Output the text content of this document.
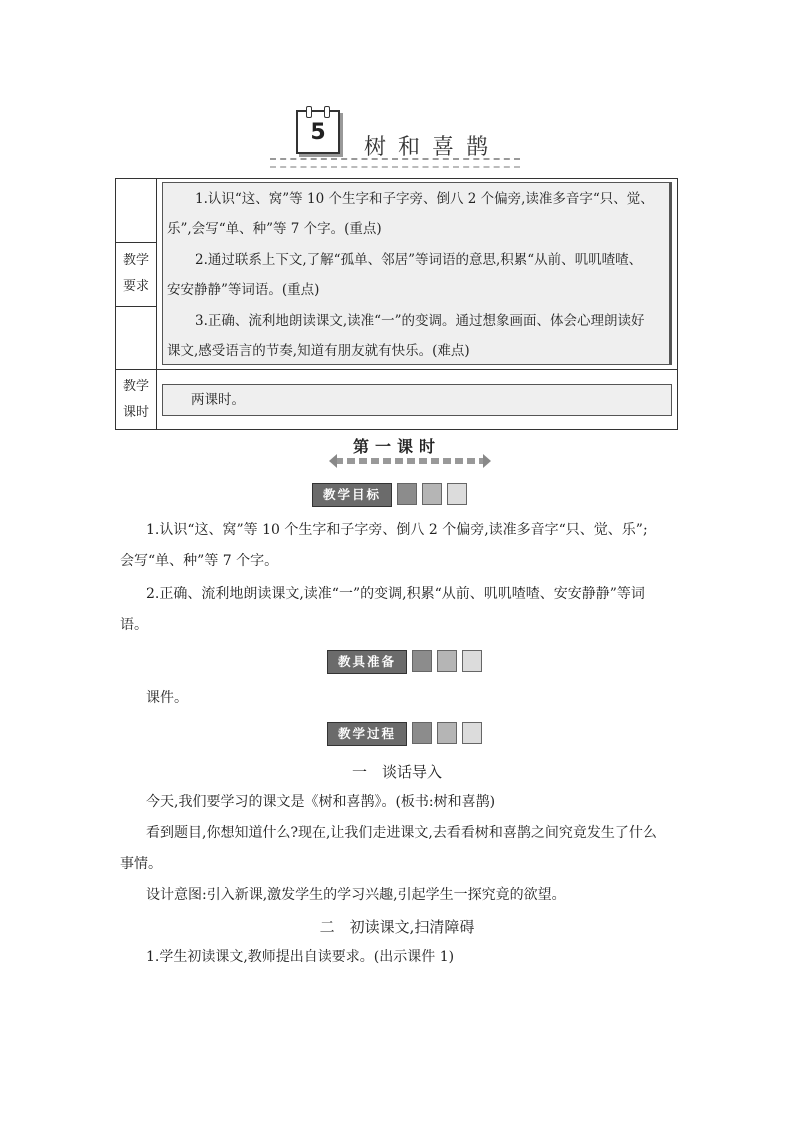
5
树和喜鹊
教学
要求
教学
课时
1.认识“这、窝”等 10 个生字和子字旁、倒八 2 个偏旁,读准多音字“只、觉、
乐”,会写“单、种”等 7 个字。(重点)
2.通过联系上下文,了解“孤单、邻居”等词语的意思,积累“从前、叽叽喳喳、
安安静静”等词语。(重点)
3.正确、流利地朗读课文,读准“一”的变调。通过想象画面、体会心理朗读好
课文,感受语言的节奏,知道有朋友就有快乐。(难点)
两课时。
第一课时
教学目标
1.认识“这、窝”等 10 个生字和子字旁、倒八 2 个偏旁,读准多音字“只、觉、乐”;
会写“单、种”等 7 个字。
2.正确、流利地朗读课文,读准“一”的变调,积累“从前、叽叽喳喳、安安静静”等词
语。
教具准备
课件。
教学过程
一　谈话导入
今天,我们要学习的课文是《树和喜鹊》。(板书:树和喜鹊)
看到题目,你想知道什么?现在,让我们走进课文,去看看树和喜鹊之间究竟发生了什么
事情。
设计意图:引入新课,激发学生的学习兴趣,引起学生一探究竟的欲望。
二　初读课文,扫清障碍
1.学生初读课文,教师提出自读要求。(出示课件 1)
